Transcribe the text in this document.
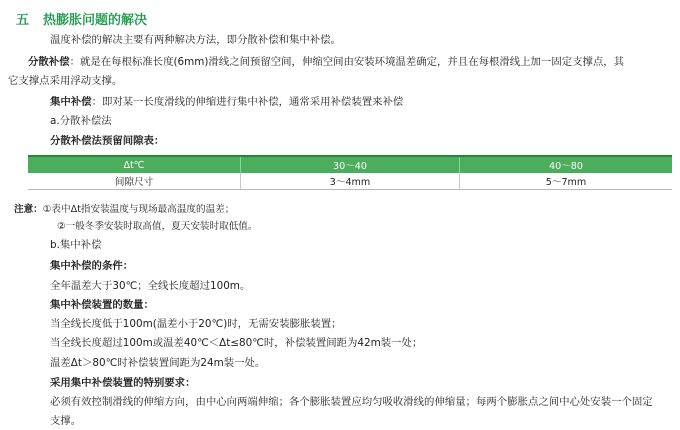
五 热膨胀问题的解决
温度补偿的解决主要有两种解决方法，即分散补偿和集中补偿。
分散补偿：就是在每根标准长度(6mm)滑线之间预留空间，伸缩空间由安装环境温差确定，并且在每根滑线上加一固定支撑点，其
它支撑点采用浮动支撑。
集中补偿：即对某一长度滑线的伸缩进行集中补偿，通常采用补偿装置来补偿
a.分散补偿法
分散补偿法预留间隙表：
Δt℃	30～40	40～80
间隙尺寸	3～4mm	5～7mm
注意：①表中Δt指安装温度与现场最高温度的温差；
②一般冬季安装时取高值，夏天安装时取低值。
b.集中补偿
集中补偿的条件：
全年温差大于30℃；全线长度超过100m。
集中补偿装置的数量：
当全线长度低于100m(温差小于20℃)时，无需安装膨胀装置；
当全线长度超过100m或温差40℃＜Δt≤80℃时，补偿装置间距为42m装一处；
温差Δt＞80℃时补偿装置间距为24m装一处。
采用集中补偿装置的特别要求：
必须有效控制滑线的伸缩方向，由中心向两端伸缩；各个膨胀装置应均匀吸收滑线的伸缩量；每两个膨胀点之间中心处安装一个固定
支撑。
